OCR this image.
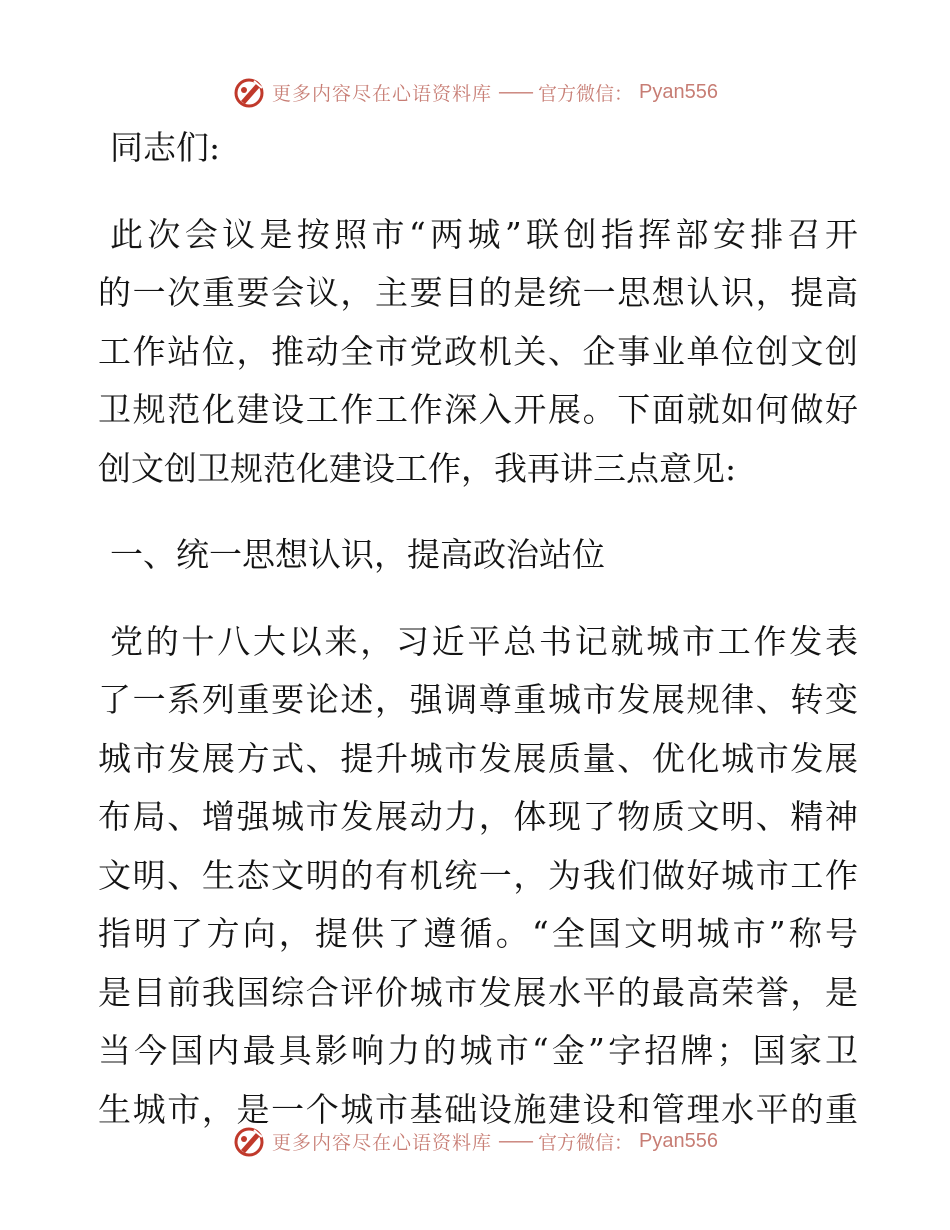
更多内容尽在心语资料库 —— 官方微信： Pyan556

同志们:

此次会议是按照市“两城”联创指挥部安排召开
的一次重要会议，主要目的是统一思想认识，提高
工作站位，推动全市党政机关、企事业单位创文创
卫规范化建设工作工作深入开展。下面就如何做好
创文创卫规范化建设工作，我再讲三点意见:

一、统一思想认识，提高政治站位

党的十八大以来，习近平总书记就城市工作发表
了一系列重要论述，强调尊重城市发展规律、转变
城市发展方式、提升城市发展质量、优化城市发展
布局、增强城市发展动力，体现了物质文明、精神
文明、生态文明的有机统一，为我们做好城市工作
指明了方向，提供了遵循。“全国文明城市”称号
是目前我国综合评价城市发展水平的最高荣誉，是
当今国内最具影响力的城市“金”字招牌；国家卫
生城市，是一个城市基础设施建设和管理水平的重

更多内容尽在心语资料库 —— 官方微信： Pyan556
